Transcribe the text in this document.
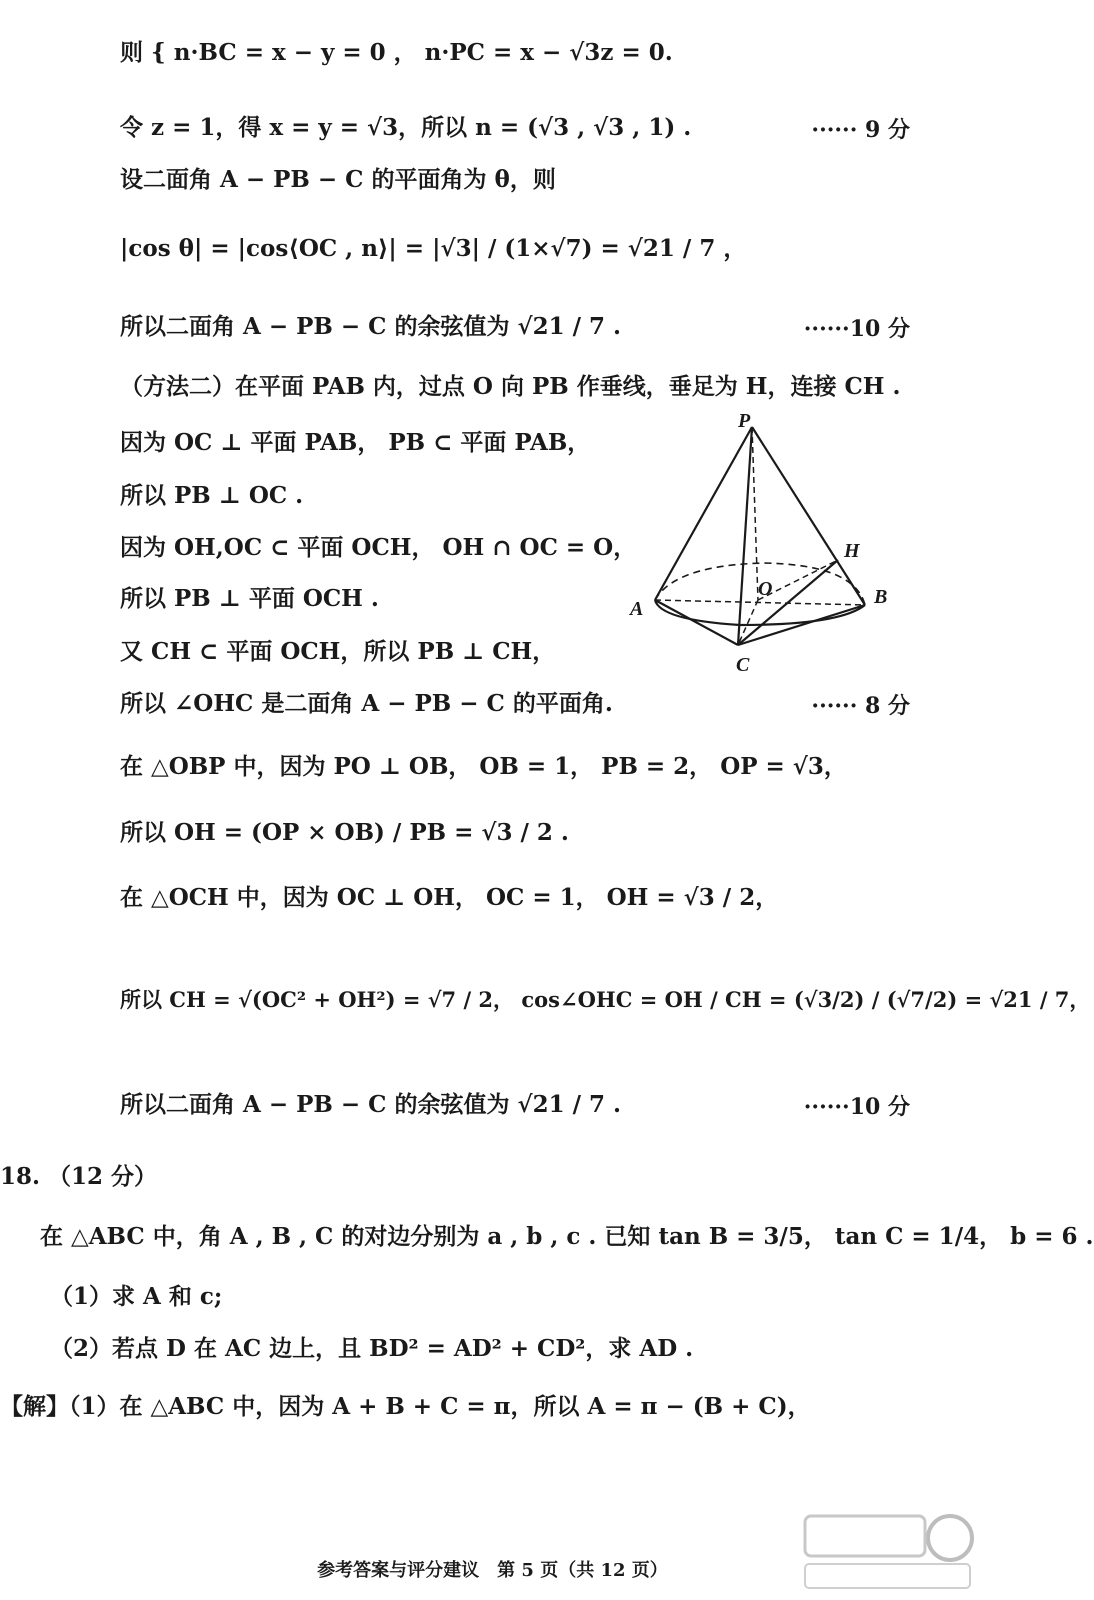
则 { n·BC = x − y = 0 ， n·PC = x − √3z = 0.
令 z = 1，得 x = y = √3，所以 n = (√3 , √3 , 1) .	······ 9 分
设二面角 A − PB − C 的平面角为 θ，则
|cos θ| = |cos⟨OC , n⟩| = |√3| / (1×√7) = √21 / 7 ，
所以二面角 A − PB − C 的余弦值为 √21 / 7 .	······10 分
（方法二）在平面 PAB 内，过点 O 向 PB 作垂线，垂足为 H，连接 CH .
因为 OC ⊥ 平面 PAB， PB ⊂ 平面 PAB，
所以 PB ⊥ OC .
因为 OH,OC ⊂ 平面 OCH， OH ∩ OC = O，
所以 PB ⊥ 平面 OCH .
又 CH ⊂ 平面 OCH，所以 PB ⊥ CH，
所以 ∠OHC 是二面角 A − PB − C 的平面角.	······ 8 分
在 △OBP 中，因为 PO ⊥ OB， OB = 1， PB = 2， OP = √3，
所以 OH = (OP × OB) / PB = √3 / 2 .
在 △OCH 中，因为 OC ⊥ OH， OC = 1， OH = √3 / 2，
所以 CH = √(OC² + OH²) = √7 / 2， cos∠OHC = OH / CH = (√3/2) / (√7/2) = √21 / 7，
所以二面角 A − PB − C 的余弦值为 √21 / 7 .	······10 分
18. （12 分）
在 △ABC 中，角 A , B , C 的对边分别为 a , b , c . 已知 tan B = 3/5， tan C = 1/4， b = 6 .
（1）求 A 和 c;
（2）若点 D 在 AC 边上，且 BD² = AD² + CD²，求 AD .
【解】（1）在 △ABC 中，因为 A + B + C = π，所以 A = π − (B + C)，
P
H
O
A
B
C
参考答案与评分建议　第 5 页（共 12 页）
